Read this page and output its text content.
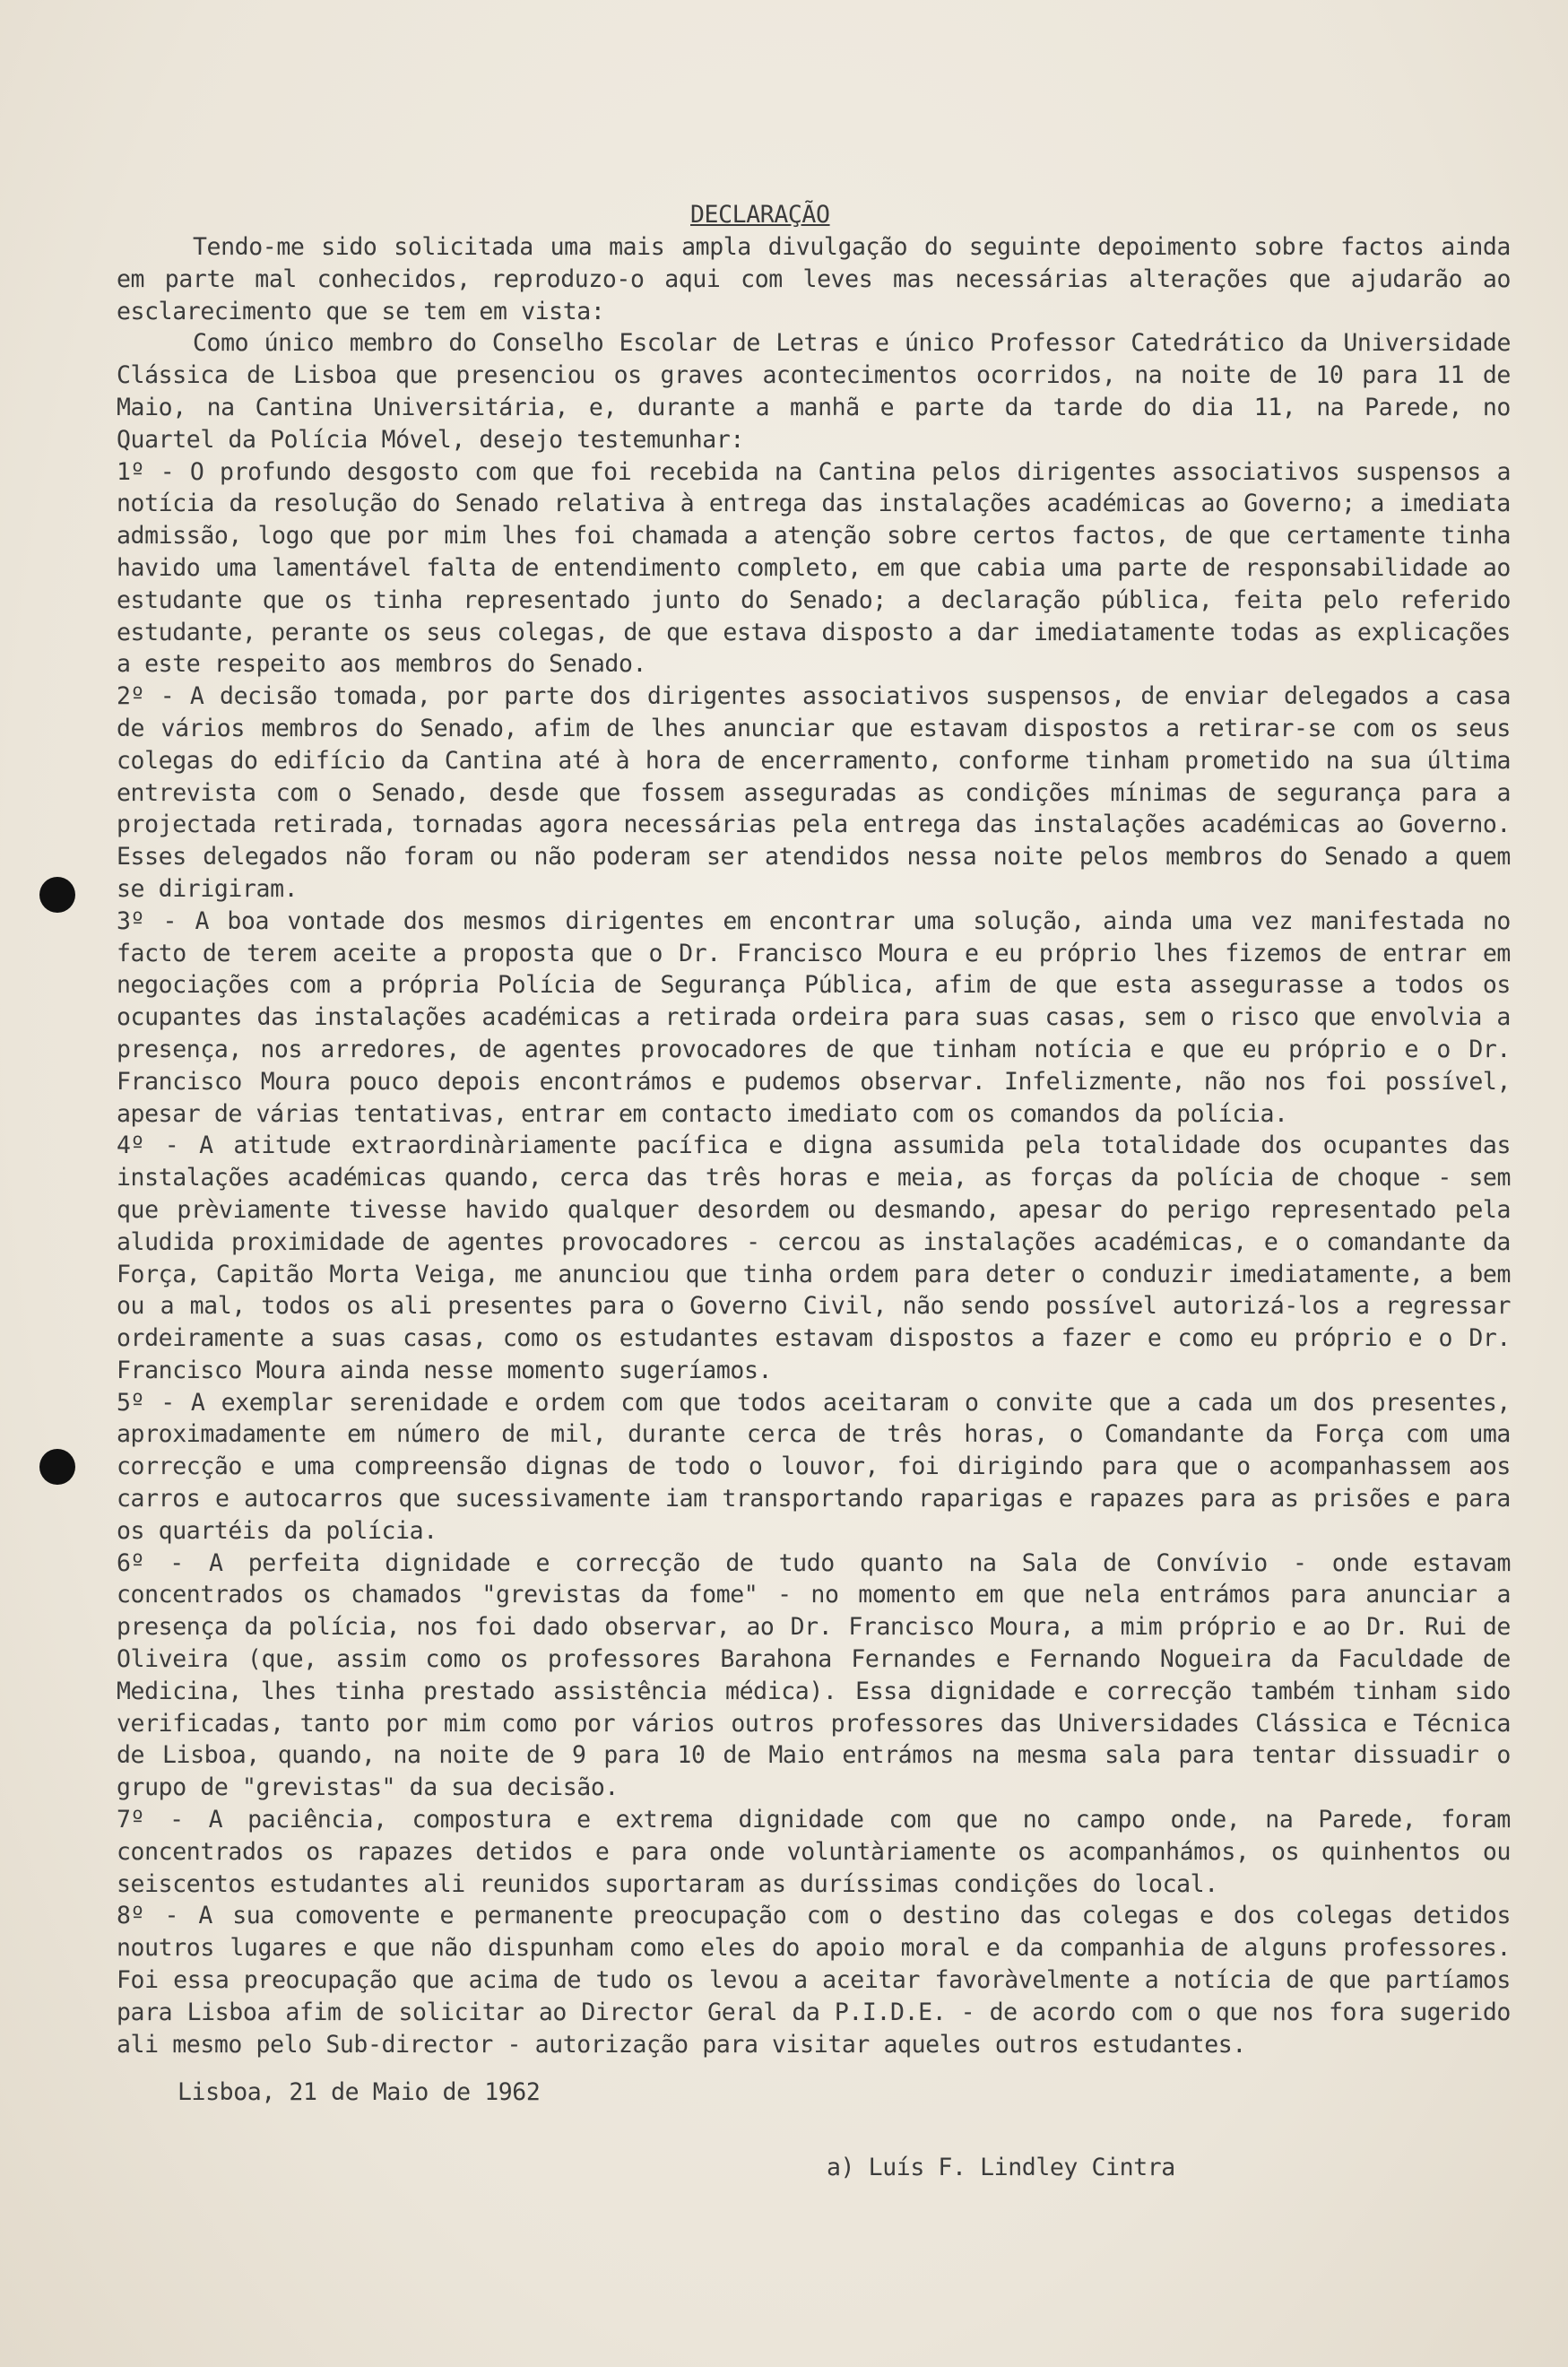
DECLARAÇÃO

Tendo-me sido solicitada uma mais ampla divulgação do seguinte depoimento sobre factos ainda em parte mal conhecidos, reproduzo-o aqui com leves mas necessárias alterações que ajudarão ao esclarecimento que se tem em vista:

Como único membro do Conselho Escolar de Letras e único Professor Catedrático da Universidade Clássica de Lisboa que presenciou os graves acontecimentos ocorridos, na noite de 10 para 11 de Maio, na Cantina Universitária, e, durante a manhã e parte da tarde do dia 11, na Parede, no Quartel da Polícia Móvel, desejo testemunhar:

1º - O profundo desgosto com que foi recebida na Cantina pelos dirigentes associativos suspensos a notícia da resolução do Senado relativa à entrega das instalações académicas ao Governo; a imediata admissão, logo que por mim lhes foi chamada a atenção sobre certos factos, de que certamente tinha havido uma lamentável falta de entendimento completo, em que cabia uma parte de responsabilidade ao estudante que os tinha representado junto do Senado; a declaração pública, feita pelo referido estudante, perante os seus colegas, de que estava disposto a dar imediatamente todas as explicações a este respeito aos membros do Senado.

2º - A decisão tomada, por parte dos dirigentes associativos suspensos, de enviar delegados a casa de vários membros do Senado, afim de lhes anunciar que estavam dispostos a retirar-se com os seus colegas do edifício da Cantina até à hora de encerramento, conforme tinham prometido na sua última entrevista com o Senado, desde que fossem asseguradas as condições mínimas de segurança para a projectada retirada, tornadas agora necessárias pela entrega das instalações académicas ao Governo. Esses delegados não foram ou não poderam ser atendidos nessa noite pelos membros do Senado a quem se dirigiram.

3º - A boa vontade dos mesmos dirigentes em encontrar uma solução, ainda uma vez manifestada no facto de terem aceite a proposta que o Dr. Francisco Moura e eu próprio lhes fizemos de entrar em negociações com a própria Polícia de Segurança Pública, afim de que esta assegurasse a todos os ocupantes das instalações académicas a retirada ordeira para suas casas, sem o risco que envolvia a presença, nos arredores, de agentes provocadores de que tinham notícia e que eu próprio e o Dr. Francisco Moura pouco depois encontrámos e pudemos observar. Infelizmente, não nos foi possível, apesar de várias tentativas, entrar em contacto imediato com os comandos da polícia.

4º - A atitude extraordinàriamente pacífica e digna assumida pela totalidade dos ocupantes das instalações académicas quando, cerca das três horas e meia, as forças da polícia de choque - sem que prèviamente tivesse havido qualquer desordem ou desmando, apesar do perigo representado pela aludida proximidade de agentes provocadores - cercou as instalações académicas, e o comandante da Força, Capitão Morta Veiga, me anunciou que tinha ordem para deter o conduzir imediatamente, a bem ou a mal, todos os ali presentes para o Governo Civil, não sendo possível autorizá-los a regressar ordeiramente a suas casas, como os estudantes estavam dispostos a fazer e como eu próprio e o Dr. Francisco Moura ainda nesse momento sugeríamos.

5º - A exemplar serenidade e ordem com que todos aceitaram o convite que a cada um dos presentes, aproximadamente em número de mil, durante cerca de três horas, o Comandante da Força com uma correcção e uma compreensão dignas de todo o louvor, foi dirigindo para que o acompanhassem aos carros e autocarros que sucessivamente iam transportando raparigas e rapazes para as prisões e para os quartéis da polícia.

6º - A perfeita dignidade e correcção de tudo quanto na Sala de Convívio - onde estavam concentrados os chamados "grevistas da fome" - no momento em que nela entrámos para anunciar a presença da polícia, nos foi dado observar, ao Dr. Francisco Moura, a mim próprio e ao Dr. Rui de Oliveira (que, assim como os professores Barahona Fernandes e Fernando Nogueira da Faculdade de Medicina, lhes tinha prestado assistência médica). Essa dignidade e correcção também tinham sido verificadas, tanto por mim como por vários outros professores das Universidades Clássica e Técnica de Lisboa, quando, na noite de 9 para 10 de Maio entrámos na mesma sala para tentar dissuadir o grupo de "grevistas" da sua decisão.

7º - A paciência, compostura e extrema dignidade com que no campo onde, na Parede, foram concentrados os rapazes detidos e para onde voluntàriamente os acompanhámos, os quinhentos ou seiscentos estudantes ali reunidos suportaram as duríssimas condições do local.

8º - A sua comovente e permanente preocupação com o destino das colegas e dos colegas detidos noutros lugares e que não dispunham como eles do apoio moral e da companhia de alguns professores. Foi essa preocupação que acima de tudo os levou a aceitar favoràvelmente a notícia de que partíamos para Lisboa afim de solicitar ao Director Geral da P.I.D.E. - de acordo com o que nos fora sugerido ali mesmo pelo Sub-director - autorização para visitar aqueles outros estudantes.

Lisboa, 21 de Maio de 1962
a) Luís F. Lindley Cintra
